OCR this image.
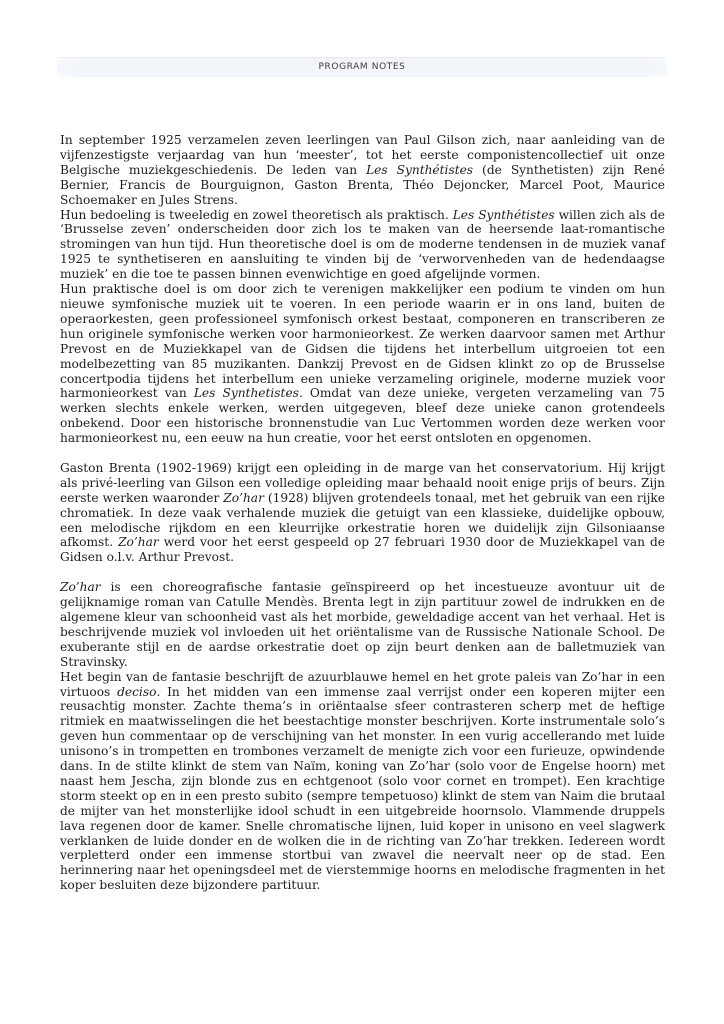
PROGRAM NOTES

In september 1925 verzamelen zeven leerlingen van Paul Gilson zich, naar aanleiding van de vijfenzestigste verjaardag van hun ‘meester’, tot het eerste componistencollectief uit onze Belgische muziekgeschiedenis. De leden van Les Synthétistes (de Synthetisten) zijn René Bernier, Francis de Bourguignon, Gaston Brenta, Théo Dejoncker, Marcel Poot, Maurice Schoemaker en Jules Strens.

Hun bedoeling is tweeledig en zowel theoretisch als praktisch. Les Synthétistes willen zich als de ‘Brusselse zeven’ onderscheiden door zich los te maken van de heersende laat-romantische stromingen van hun tijd. Hun theoretische doel is om de moderne tendensen in de muziek vanaf 1925 te synthetiseren en aansluiting te vinden bij de ‘verworvenheden van de hedendaagse muziek’ en die toe te passen binnen evenwichtige en goed afgelijnde vormen.

Hun praktische doel is om door zich te verenigen makkelijker een podium te vinden om hun nieuwe symfonische muziek uit te voeren. In een periode waarin er in ons land, buiten de operaorkesten, geen professioneel symfonisch orkest bestaat, componeren en transcriberen ze hun originele symfonische werken voor harmonieorkest. Ze werken daarvoor samen met Arthur Prevost en de Muziekkapel van de Gidsen die tijdens het interbellum uitgroeien tot een modelbezetting van 85 muzikanten. Dankzij Prevost en de Gidsen klinkt zo op de Brusselse concertpodia tijdens het interbellum een unieke verzameling originele, moderne muziek voor harmonieorkest van Les Synthetistes. Omdat van deze unieke, vergeten verzameling van 75 werken slechts enkele werken, werden uitgegeven, bleef deze unieke canon grotendeels onbekend. Door een historische bronnenstudie van Luc Vertommen worden deze werken voor harmonieorkest nu, een eeuw na hun creatie, voor het eerst ontsloten en opgenomen.

Gaston Brenta (1902-1969) krijgt een opleiding in de marge van het conservatorium. Hij krijgt als privé-leerling van Gilson een volledige opleiding maar behaald nooit enige prijs of beurs. Zijn eerste werken waaronder Zo’har (1928) blijven grotendeels tonaal, met het gebruik van een rijke chromatiek. In deze vaak verhalende muziek die getuigt van een klassieke, duidelijke opbouw, een melodische rijkdom en een kleurrijke orkestratie horen we duidelijk zijn Gilsoniaanse afkomst. Zo’har werd voor het eerst gespeeld op 27 februari 1930 door de Muziekkapel van de Gidsen o.l.v. Arthur Prevost.

Zo’har is een choreografische fantasie geïnspireerd op het incestueuze avontuur uit de gelijknamige roman van Catulle Mendès. Brenta legt in zijn partituur zowel de indrukken en de algemene kleur van schoonheid vast als het morbide, geweldadige accent van het verhaal. Het is beschrijvende muziek vol invloeden uit het oriëntalisme van de Russische Nationale School. De exuberante stijl en de aardse orkestratie doet op zijn beurt denken aan de balletmuziek van Stravinsky.

Het begin van de fantasie beschrijft de azuurblauwe hemel en het grote paleis van Zo’har in een virtuoos deciso. In het midden van een immense zaal verrijst onder een koperen mijter een reusachtig monster. Zachte thema’s in oriëntaalse sfeer contrasteren scherp met de heftige ritmiek en maatwisselingen die het beestachtige monster beschrijven. Korte instrumentale solo’s geven hun commentaar op de verschijning van het monster. In een vurig accellerando met luide unisono’s in trompetten en trombones verzamelt de menigte zich voor een furieuze, opwindende dans. In de stilte klinkt de stem van Naïm, koning van Zo’har (solo voor de Engelse hoorn) met naast hem Jescha, zijn blonde zus en echtgenoot (solo voor cornet en trompet). Een krachtige storm steekt op en in een presto subito (sempre tempetuoso) klinkt de stem van Naim die brutaal de mijter van het monsterlijke idool schudt in een uitgebreide hoornsolo. Vlammende druppels lava regenen door de kamer. Snelle chromatische lijnen, luid koper in unisono en veel slagwerk verklanken de luide donder en de wolken die in de richting van Zo’har trekken. Iedereen wordt verpletterd onder een immense stortbui van zwavel die neervalt neer op de stad. Een herinnering naar het openingsdeel met de vierstemmige hoorns en melodische fragmenten in het koper besluiten deze bijzondere partituur.
